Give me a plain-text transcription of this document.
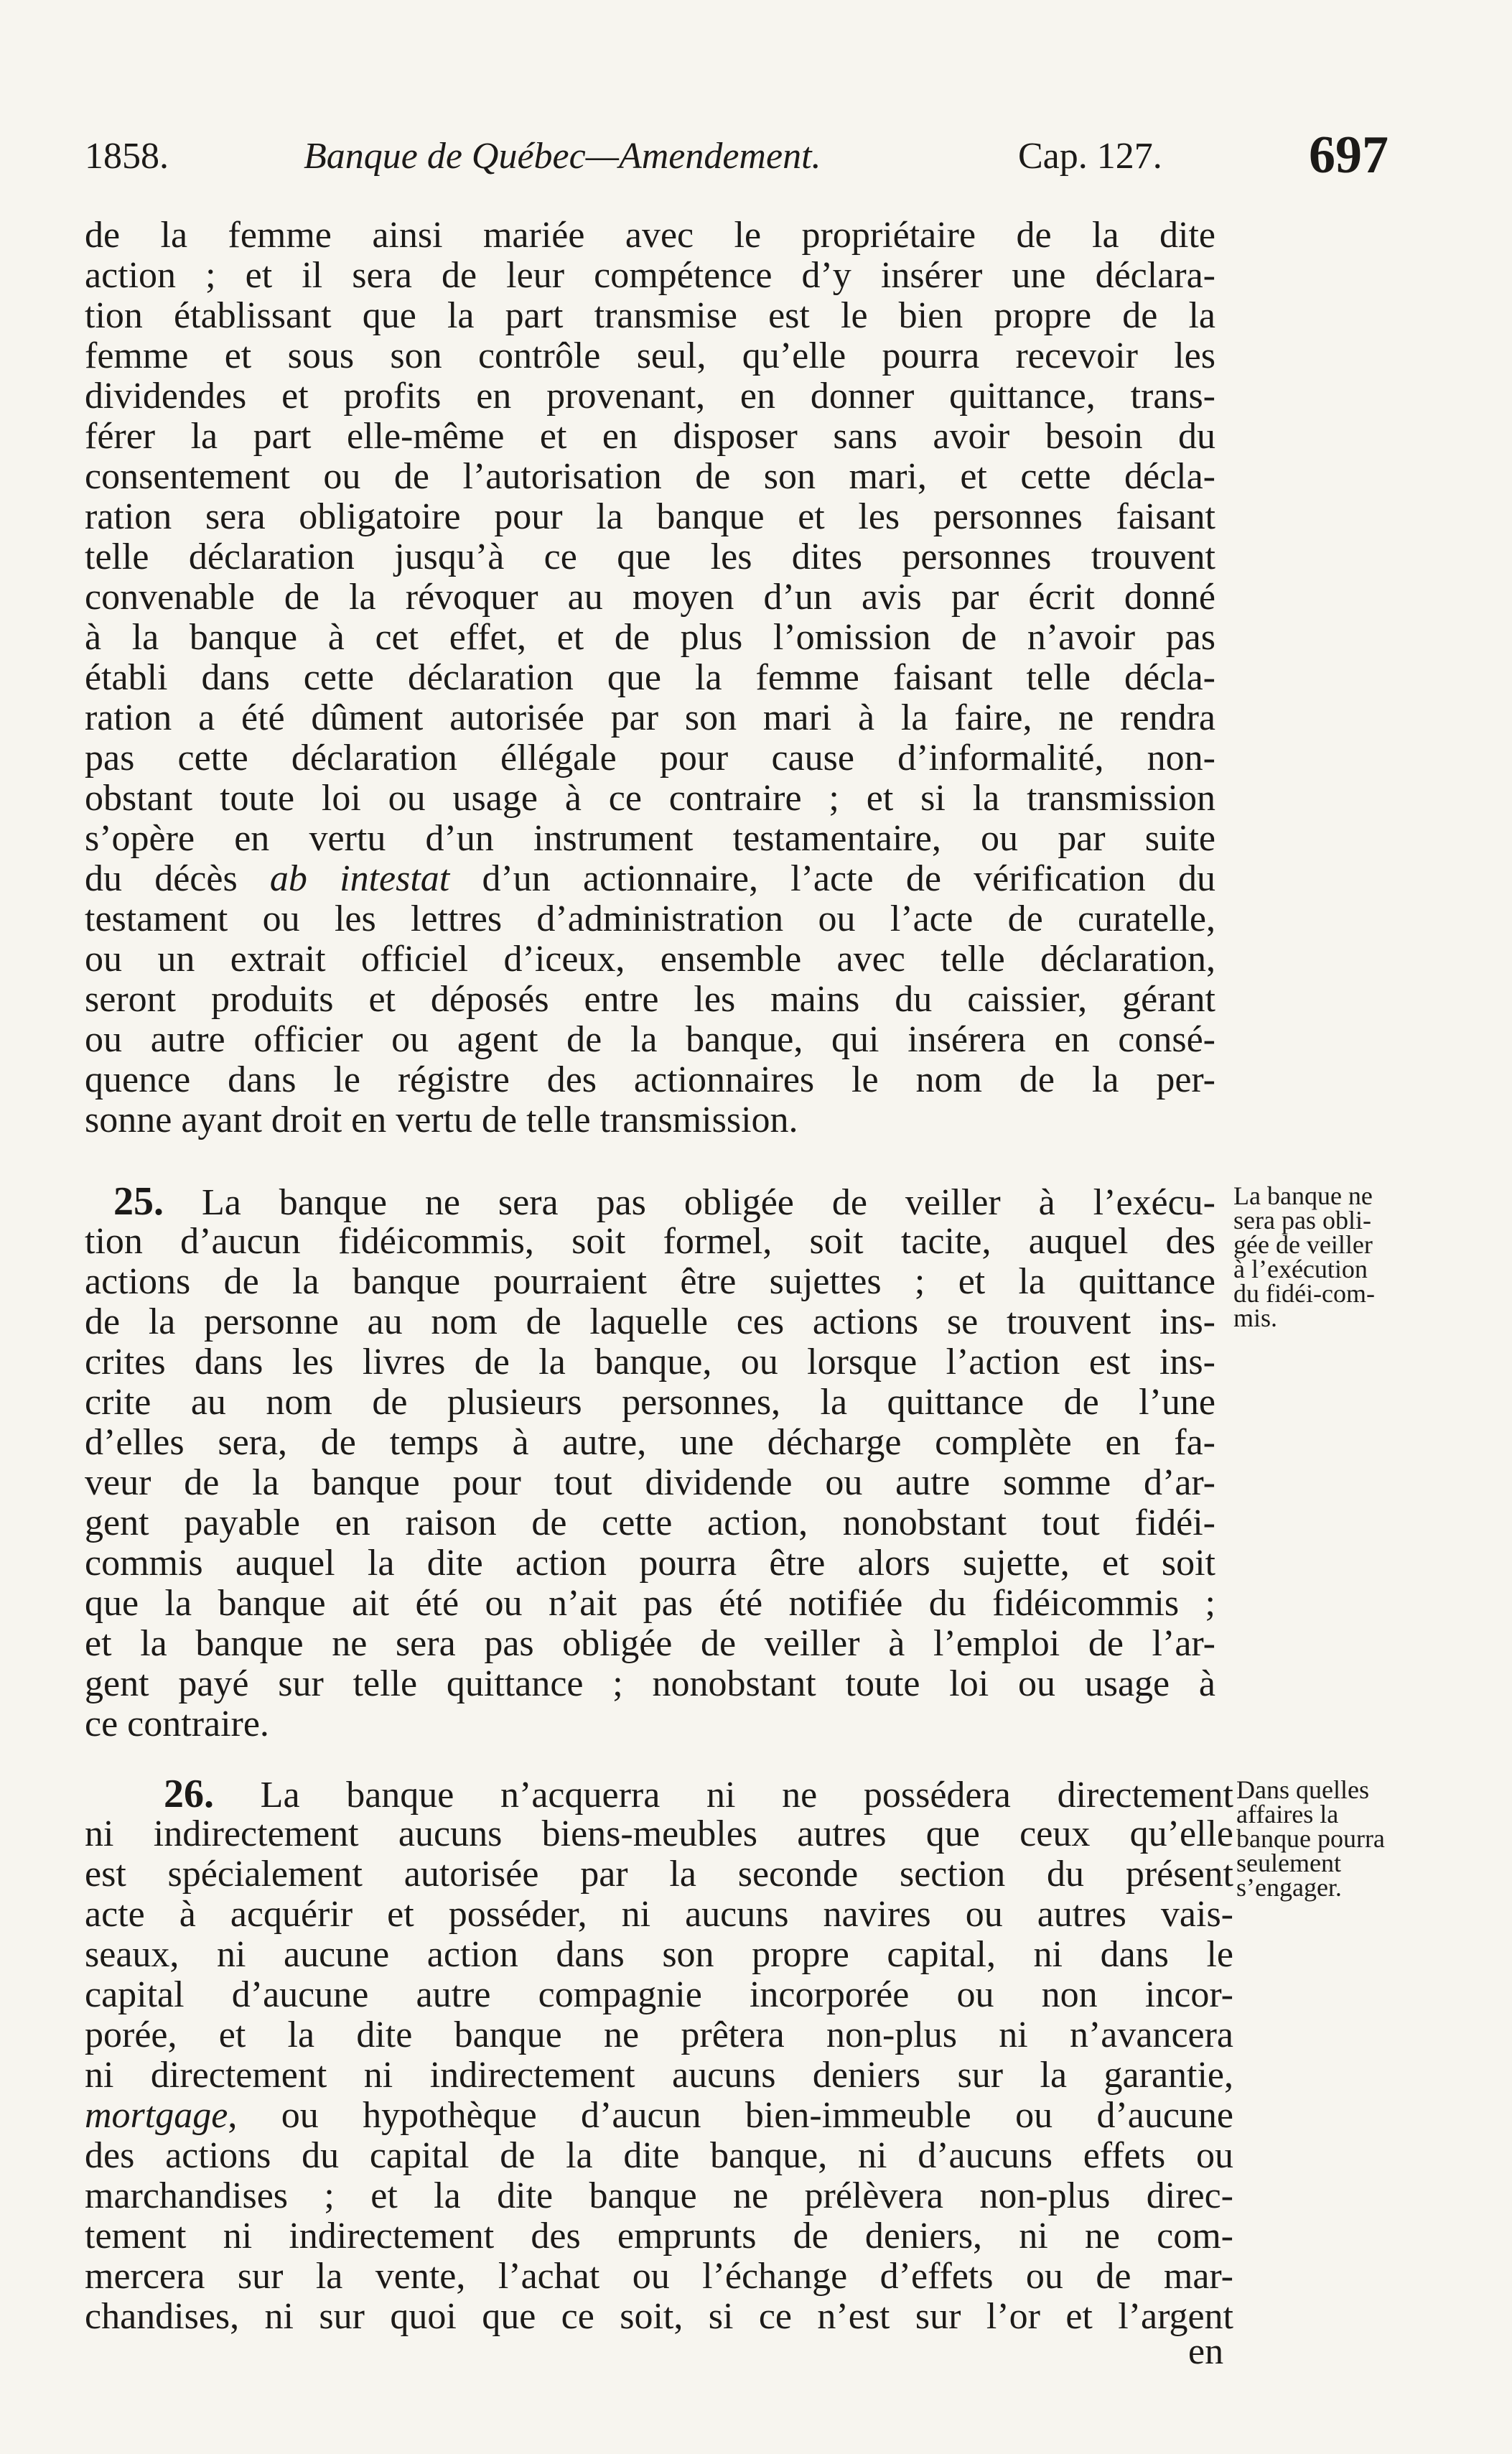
1858.	Banque de Québec—Amendement.	Cap. 127.	697
de la femme ainsi mariée avec le propriétaire de la dite
action ; et il sera de leur compétence d’y insérer une déclara-
tion établissant que la part transmise est le bien propre de la
femme et sous son contrôle seul, qu’elle pourra recevoir les
dividendes et profits en provenant, en donner quittance, trans-
férer la part elle-même et en disposer sans avoir besoin du
consentement ou de l’autorisation de son mari, et cette décla-
ration sera obligatoire pour la banque et les personnes faisant
telle déclaration jusqu’à ce que les dites personnes trouvent
convenable de la révoquer au moyen d’un avis par écrit donné
à la banque à cet effet, et de plus l’omission de n’avoir pas
établi dans cette déclaration que la femme faisant telle décla-
ration a été dûment autorisée par son mari à la faire, ne rendra
pas cette déclaration éllégale pour cause d’informalité, non-
obstant toute loi ou usage à ce contraire ; et si la transmission
s’opère en vertu d’un instrument testamentaire, ou par suite
du décès ab intestat d’un actionnaire, l’acte de vérification du
testament ou les lettres d’administration ou l’acte de curatelle,
ou un extrait officiel d’iceux, ensemble avec telle déclaration,
seront produits et déposés entre les mains du caissier, gérant
ou autre officier ou agent de la banque, qui insérera en consé-
quence dans le régistre des actionnaires le nom de la per-
sonne ayant droit en vertu de telle transmission.
25. La banque ne sera pas obligée de veiller à l’exécu-
tion d’aucun fidéicommis, soit formel, soit tacite, auquel des
actions de la banque pourraient être sujettes ; et la quittance
de la personne au nom de laquelle ces actions se trouvent ins-
crites dans les livres de la banque, ou lorsque l’action est ins-
crite au nom de plusieurs personnes, la quittance de l’une
d’elles sera, de temps à autre, une décharge complète en fa-
veur de la banque pour tout dividende ou autre somme d’ar-
gent payable en raison de cette action, nonobstant tout fidéi-
commis auquel la dite action pourra être alors sujette, et soit
que la banque ait été ou n’ait pas été notifiée du fidéicommis ;
et la banque ne sera pas obligée de veiller à l’emploi de l’ar-
gent payé sur telle quittance ; nonobstant toute loi ou usage à
ce contraire.
La banque ne
sera pas obli-
gée de veiller
à l’exécution
du fidéi-com-
mis.
26. La banque n’acquerra ni ne possédera directement
ni indirectement aucuns biens-meubles autres que ceux qu’elle
est spécialement autorisée par la seconde section du présent
acte à acquérir et posséder, ni aucuns navires ou autres vais-
seaux, ni aucune action dans son propre capital, ni dans le
capital d’aucune autre compagnie incorporée ou non incor-
porée, et la dite banque ne prêtera non-plus ni n’avancera
ni directement ni indirectement aucuns deniers sur la garantie,
mortgage, ou hypothèque d’aucun bien-immeuble ou d’aucune
des actions du capital de la dite banque, ni d’aucuns effets ou
marchandises ; et la dite banque ne prélèvera non-plus direc-
tement ni indirectement des emprunts de deniers, ni ne com-
mercera sur la vente, l’achat ou l’échange d’effets ou de mar-
chandises, ni sur quoi que ce soit, si ce n’est sur l’or et l’argent
Dans quelles
affaires la
banque pourra
seulement
s’engager.
en
